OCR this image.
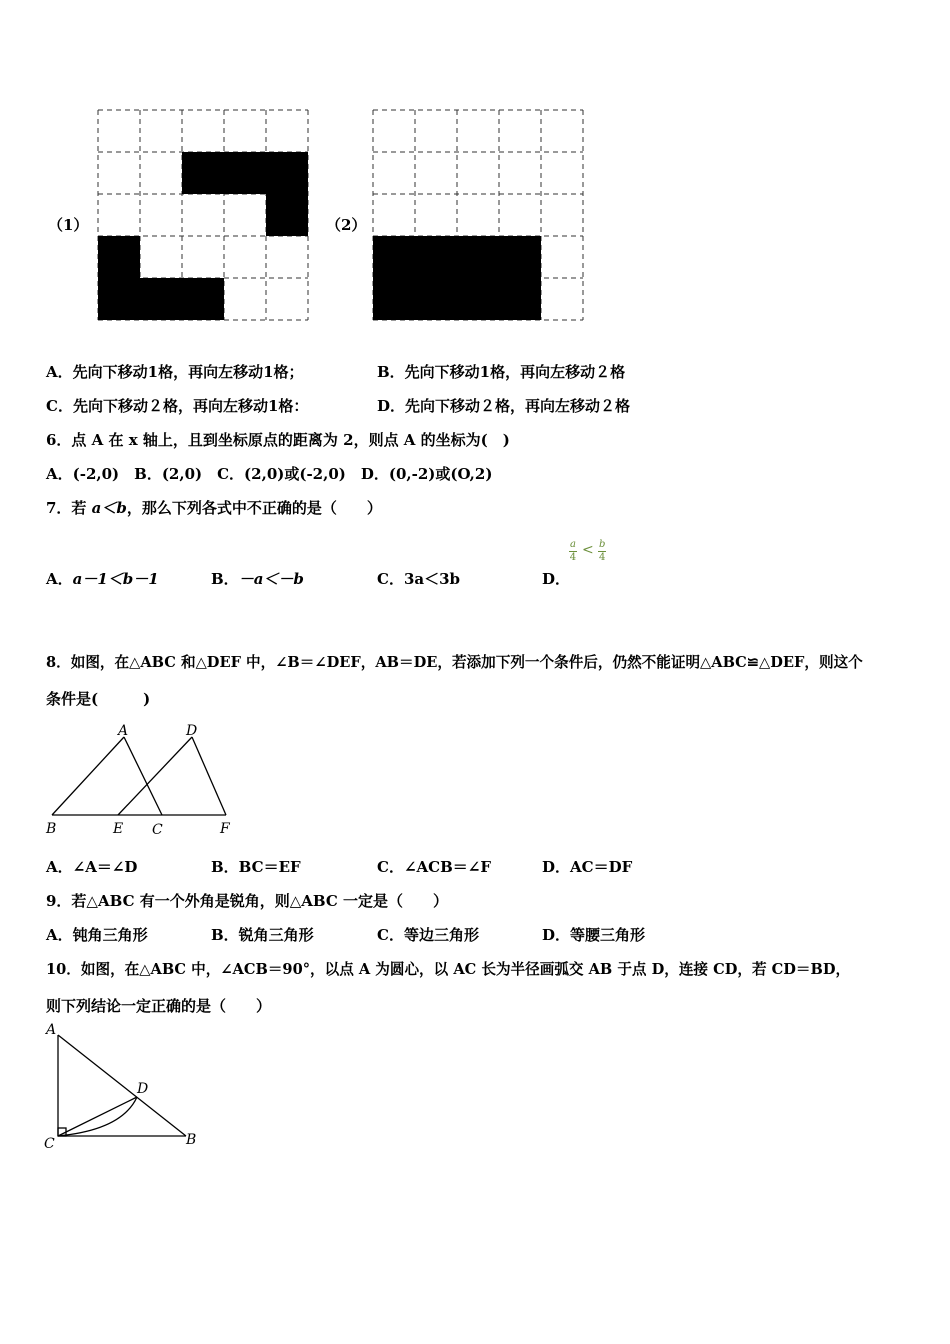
（1）	（2）
A．先向下移动1格，再向左移动1格；	B．先向下移动1格，再向左移动２格
C．先向下移动２格，再向左移动1格：	D．先向下移动２格，再向左移动２格
6．点 A 在 x 轴上，且到坐标原点的距离为 2，则点 A 的坐标为(　)
A．(-2,0)　B．(2,0)　C．(2,0)或(-2,0)　D．(0,-2)或(O,2)
7．若 a＜b，那么下列各式中不正确的是（　　）
A．a－1＜b－1	B．－a＜－b	C．3a＜3b	D．
$\frac{a}{4} < \frac{b}{4}$
8．如图，在△ABC 和△DEF 中，∠B＝∠DEF，AB＝DE，若添加下列一个条件后，仍然不能证明△ABC≌△DEF，则这个
条件是(　　　)
A	D
B	E C	F
A．∠A＝∠D	B．BC＝EF	C．∠ACB＝∠F	D．AC＝DF
9．若△ABC 有一个外角是锐角，则△ABC 一定是（　　）
A．钝角三角形	B．锐角三角形	C．等边三角形	D．等腰三角形
10．如图，在△ABC 中，∠ACB＝90°，以点 A 为圆心，以 AC 长为半径画弧交 AB 于点 D，连接 CD，若 CD＝BD，
则下列结论一定正确的是（　　）
A
D
C	B
